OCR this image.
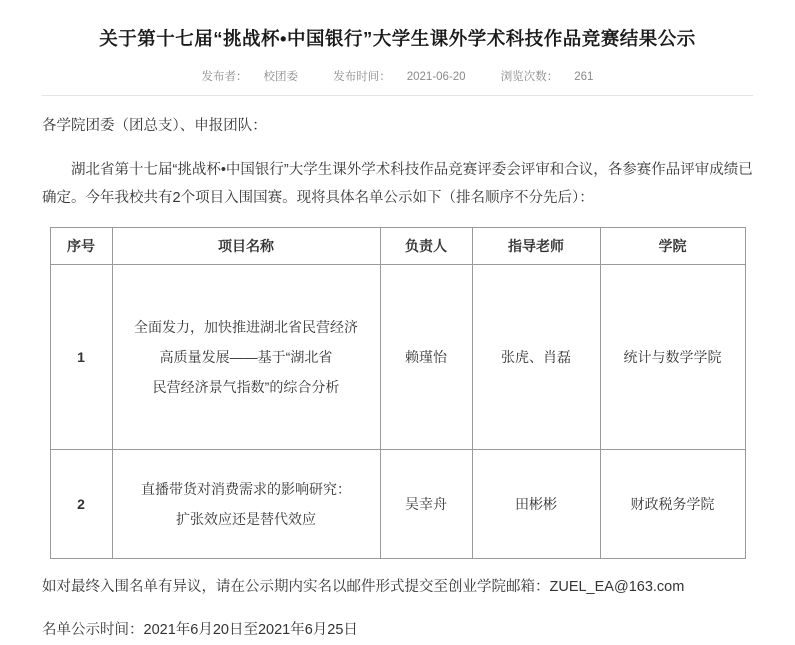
关于第十七届“挑战杯•中国银行”大学生课外学术科技作品竞赛结果公示
发布者： 校团委	发布时间： 2021-06-20	浏览次数： 261
各学院团委（团总支）、申报团队：
湖北省第十七届“挑战杯•中国银行”大学生课外学术科技作品竞赛评委会评审和合议，各参赛作品评审成绩已确定。今年我校共有2个项目入围国赛。现将具体名单公示如下（排名顺序不分先后）：
序号	项目名称	负责人	指导老师	学院
1	全面发力，加快推进湖北省民营经济
高质量发展——基于“湖北省
民营经济景气指数”的综合分析	赖瑾怡	张虎、肖磊	统计与数学学院
2	直播带货对消费需求的影响研究：
扩张效应还是替代效应	吴幸舟	田彬彬	财政税务学院
如对最终入围名单有异议，请在公示期内实名以邮件形式提交至创业学院邮箱：ZUEL_EA@163.com
名单公示时间：2021年6月20日至2021年6月25日
